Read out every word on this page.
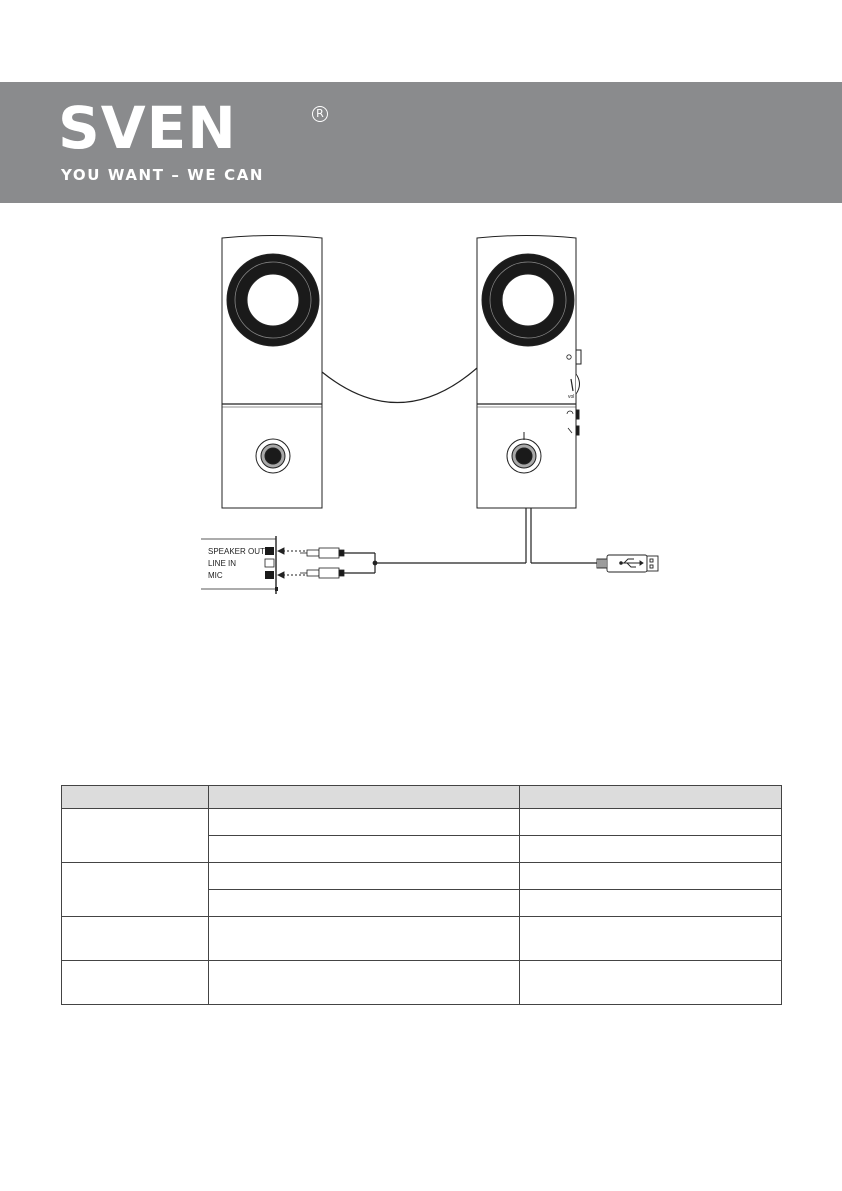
SVEN	R
YOU WANT – WE CAN
vol
SPEAKER OUT
LINE IN
MIC
